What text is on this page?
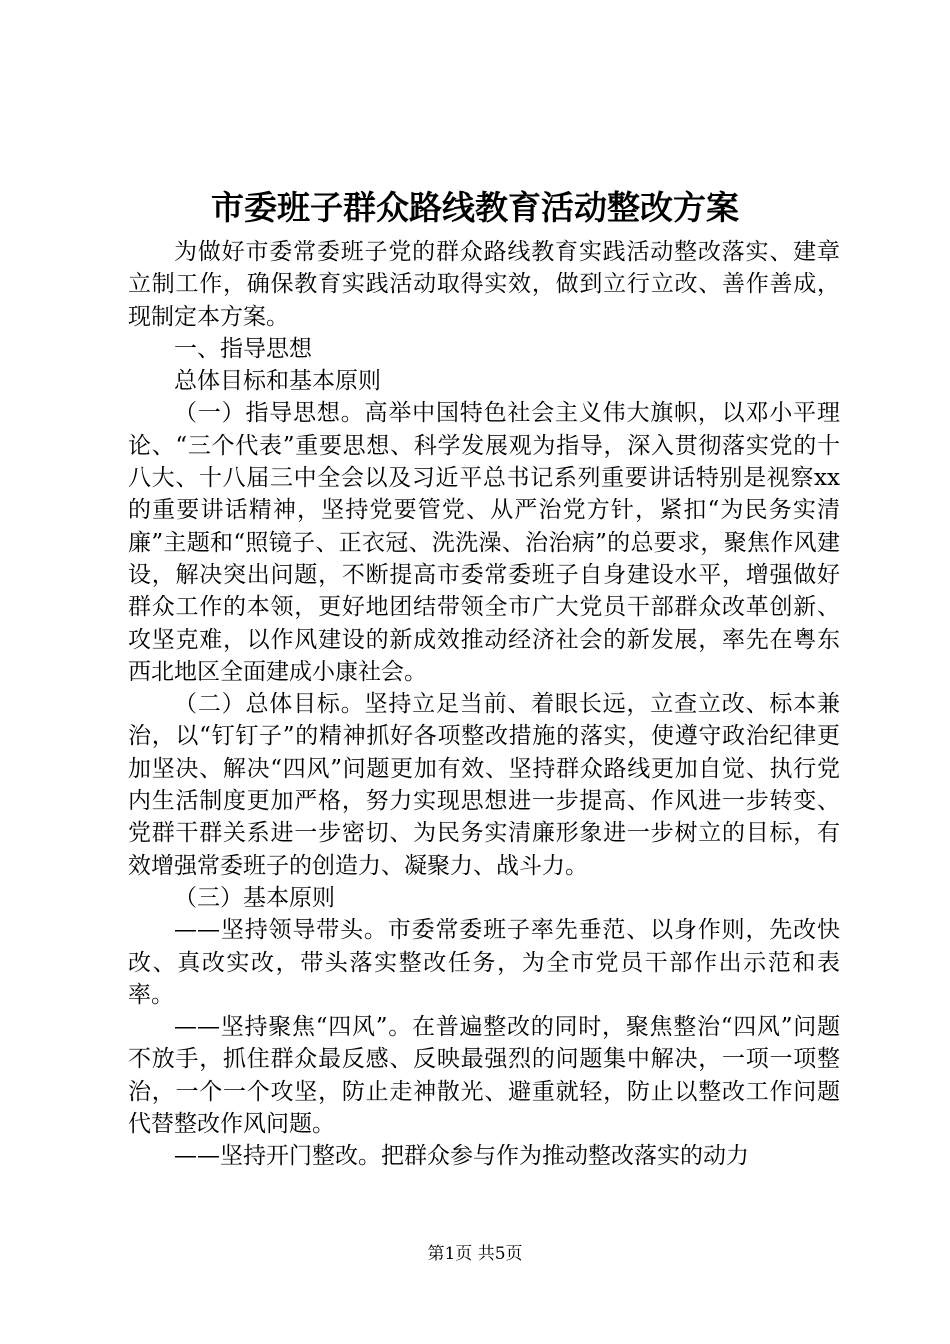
市委班子群众路线教育活动整改方案

为做好市委常委班子党的群众路线教育实践活动整改落实、建章立制工作，确保教育实践活动取得实效，做到立行立改、善作善成，现制定本方案。

一、指导思想

总体目标和基本原则

（一）指导思想。高举中国特色社会主义伟大旗帜，以邓小平理论、“三个代表”重要思想、科学发展观为指导，深入贯彻落实党的十八大、十八届三中全会以及习近平总书记系列重要讲话特别是视察xx的重要讲话精神，坚持党要管党、从严治党方针，紧扣“为民务实清廉”主题和“照镜子、正衣冠、洗洗澡、治治病”的总要求，聚焦作风建设，解决突出问题，不断提高市委常委班子自身建设水平，增强做好群众工作的本领，更好地团结带领全市广大党员干部群众改革创新、攻坚克难，以作风建设的新成效推动经济社会的新发展，率先在粤东西北地区全面建成小康社会。

（二）总体目标。坚持立足当前、着眼长远，立查立改、标本兼治，以“钉钉子”的精神抓好各项整改措施的落实，使遵守政治纪律更加坚决、解决“四风”问题更加有效、坚持群众路线更加自觉、执行党内生活制度更加严格，努力实现思想进一步提高、作风进一步转变、党群干群关系进一步密切、为民务实清廉形象进一步树立的目标，有效增强常委班子的创造力、凝聚力、战斗力。

（三）基本原则

——坚持领导带头。市委常委班子率先垂范、以身作则，先改快改、真改实改，带头落实整改任务，为全市党员干部作出示范和表率。

——坚持聚焦“四风”。在普遍整改的同时，聚焦整治“四风”问题不放手，抓住群众最反感、反映最强烈的问题集中解决，一项一项整治，一个一个攻坚，防止走神散光、避重就轻，防止以整改工作问题代替整改作风问题。

——坚持开门整改。把群众参与作为推动整改落实的动力

第1页 共5页
